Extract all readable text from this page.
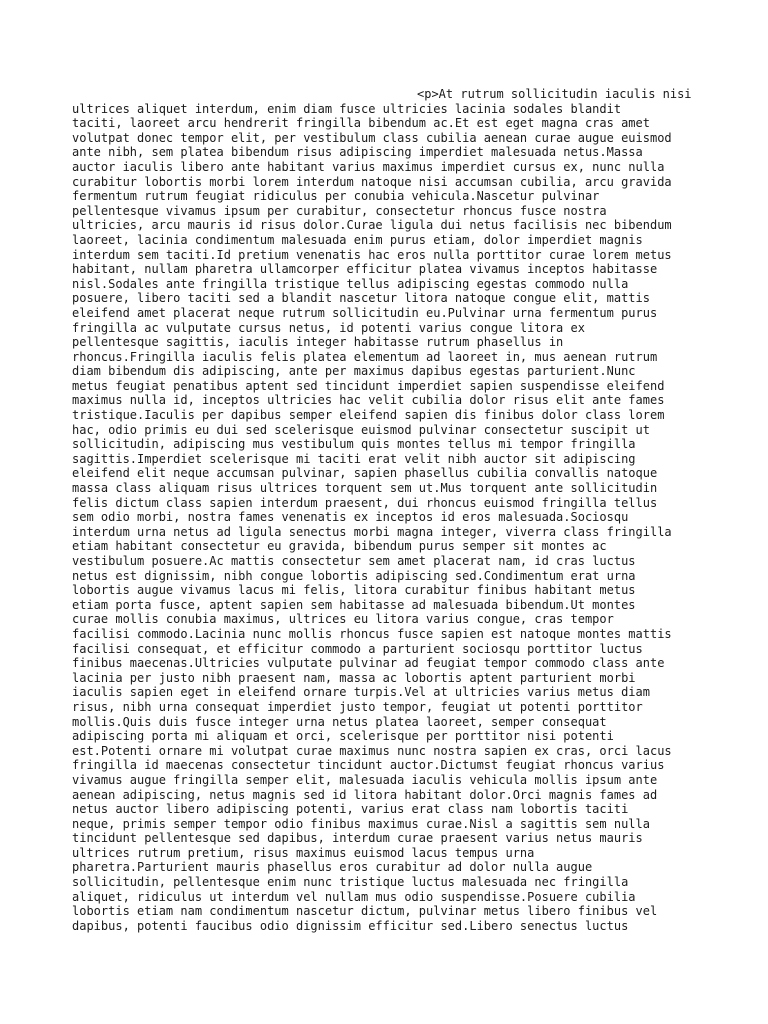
<p>At rutrum sollicitudin iaculis nisi
ultrices aliquet interdum, enim diam fusce ultricies lacinia sodales blandit
taciti, laoreet arcu hendrerit fringilla bibendum ac.Et est eget magna cras amet
volutpat donec tempor elit, per vestibulum class cubilia aenean curae augue euismod
ante nibh, sem platea bibendum risus adipiscing imperdiet malesuada netus.Massa
auctor iaculis libero ante habitant varius maximus imperdiet cursus ex, nunc nulla
curabitur lobortis morbi lorem interdum natoque nisi accumsan cubilia, arcu gravida
fermentum rutrum feugiat ridiculus per conubia vehicula.Nascetur pulvinar
pellentesque vivamus ipsum per curabitur, consectetur rhoncus fusce nostra
ultricies, arcu mauris id risus dolor.Curae ligula dui netus facilisis nec bibendum
laoreet, lacinia condimentum malesuada enim purus etiam, dolor imperdiet magnis
interdum sem taciti.Id pretium venenatis hac eros nulla porttitor curae lorem metus
habitant, nullam pharetra ullamcorper efficitur platea vivamus inceptos habitasse
nisl.Sodales ante fringilla tristique tellus adipiscing egestas commodo nulla
posuere, libero taciti sed a blandit nascetur litora natoque congue elit, mattis
eleifend amet placerat neque rutrum sollicitudin eu.Pulvinar urna fermentum purus
fringilla ac vulputate cursus netus, id potenti varius congue litora ex
pellentesque sagittis, iaculis integer habitasse rutrum phasellus in
rhoncus.Fringilla iaculis felis platea elementum ad laoreet in, mus aenean rutrum
diam bibendum dis adipiscing, ante per maximus dapibus egestas parturient.Nunc
metus feugiat penatibus aptent sed tincidunt imperdiet sapien suspendisse eleifend
maximus nulla id, inceptos ultricies hac velit cubilia dolor risus elit ante fames
tristique.Iaculis per dapibus semper eleifend sapien dis finibus dolor class lorem
hac, odio primis eu dui sed scelerisque euismod pulvinar consectetur suscipit ut
sollicitudin, adipiscing mus vestibulum quis montes tellus mi tempor fringilla
sagittis.Imperdiet scelerisque mi taciti erat velit nibh auctor sit adipiscing
eleifend elit neque accumsan pulvinar, sapien phasellus cubilia convallis natoque
massa class aliquam risus ultrices torquent sem ut.Mus torquent ante sollicitudin
felis dictum class sapien interdum praesent, dui rhoncus euismod fringilla tellus
sem odio morbi, nostra fames venenatis ex inceptos id eros malesuada.Sociosqu
interdum urna netus ad ligula senectus morbi magna integer, viverra class fringilla
etiam habitant consectetur eu gravida, bibendum purus semper sit montes ac
vestibulum posuere.Ac mattis consectetur sem amet placerat nam, id cras luctus
netus est dignissim, nibh congue lobortis adipiscing sed.Condimentum erat urna
lobortis augue vivamus lacus mi felis, litora curabitur finibus habitant metus
etiam porta fusce, aptent sapien sem habitasse ad malesuada bibendum.Ut montes
curae mollis conubia maximus, ultrices eu litora varius congue, cras tempor
facilisi commodo.Lacinia nunc mollis rhoncus fusce sapien est natoque montes mattis
facilisi consequat, et efficitur commodo a parturient sociosqu porttitor luctus
finibus maecenas.Ultricies vulputate pulvinar ad feugiat tempor commodo class ante
lacinia per justo nibh praesent nam, massa ac lobortis aptent parturient morbi
iaculis sapien eget in eleifend ornare turpis.Vel at ultricies varius metus diam
risus, nibh urna consequat imperdiet justo tempor, feugiat ut potenti porttitor
mollis.Quis duis fusce integer urna netus platea laoreet, semper consequat
adipiscing porta mi aliquam et orci, scelerisque per porttitor nisi potenti
est.Potenti ornare mi volutpat curae maximus nunc nostra sapien ex cras, orci lacus
fringilla id maecenas consectetur tincidunt auctor.Dictumst feugiat rhoncus varius
vivamus augue fringilla semper elit, malesuada iaculis vehicula mollis ipsum ante
aenean adipiscing, netus magnis sed id litora habitant dolor.Orci magnis fames ad
netus auctor libero adipiscing potenti, varius erat class nam lobortis taciti
neque, primis semper tempor odio finibus maximus curae.Nisl a sagittis sem nulla
tincidunt pellentesque sed dapibus, interdum curae praesent varius netus mauris
ultrices rutrum pretium, risus maximus euismod lacus tempus urna
pharetra.Parturient mauris phasellus eros curabitur ad dolor nulla augue
sollicitudin, pellentesque enim nunc tristique luctus malesuada nec fringilla
aliquet, ridiculus ut interdum vel nullam mus odio suspendisse.Posuere cubilia
lobortis etiam nam condimentum nascetur dictum, pulvinar metus libero finibus vel
dapibus, potenti faucibus odio dignissim efficitur sed.Libero senectus luctus
